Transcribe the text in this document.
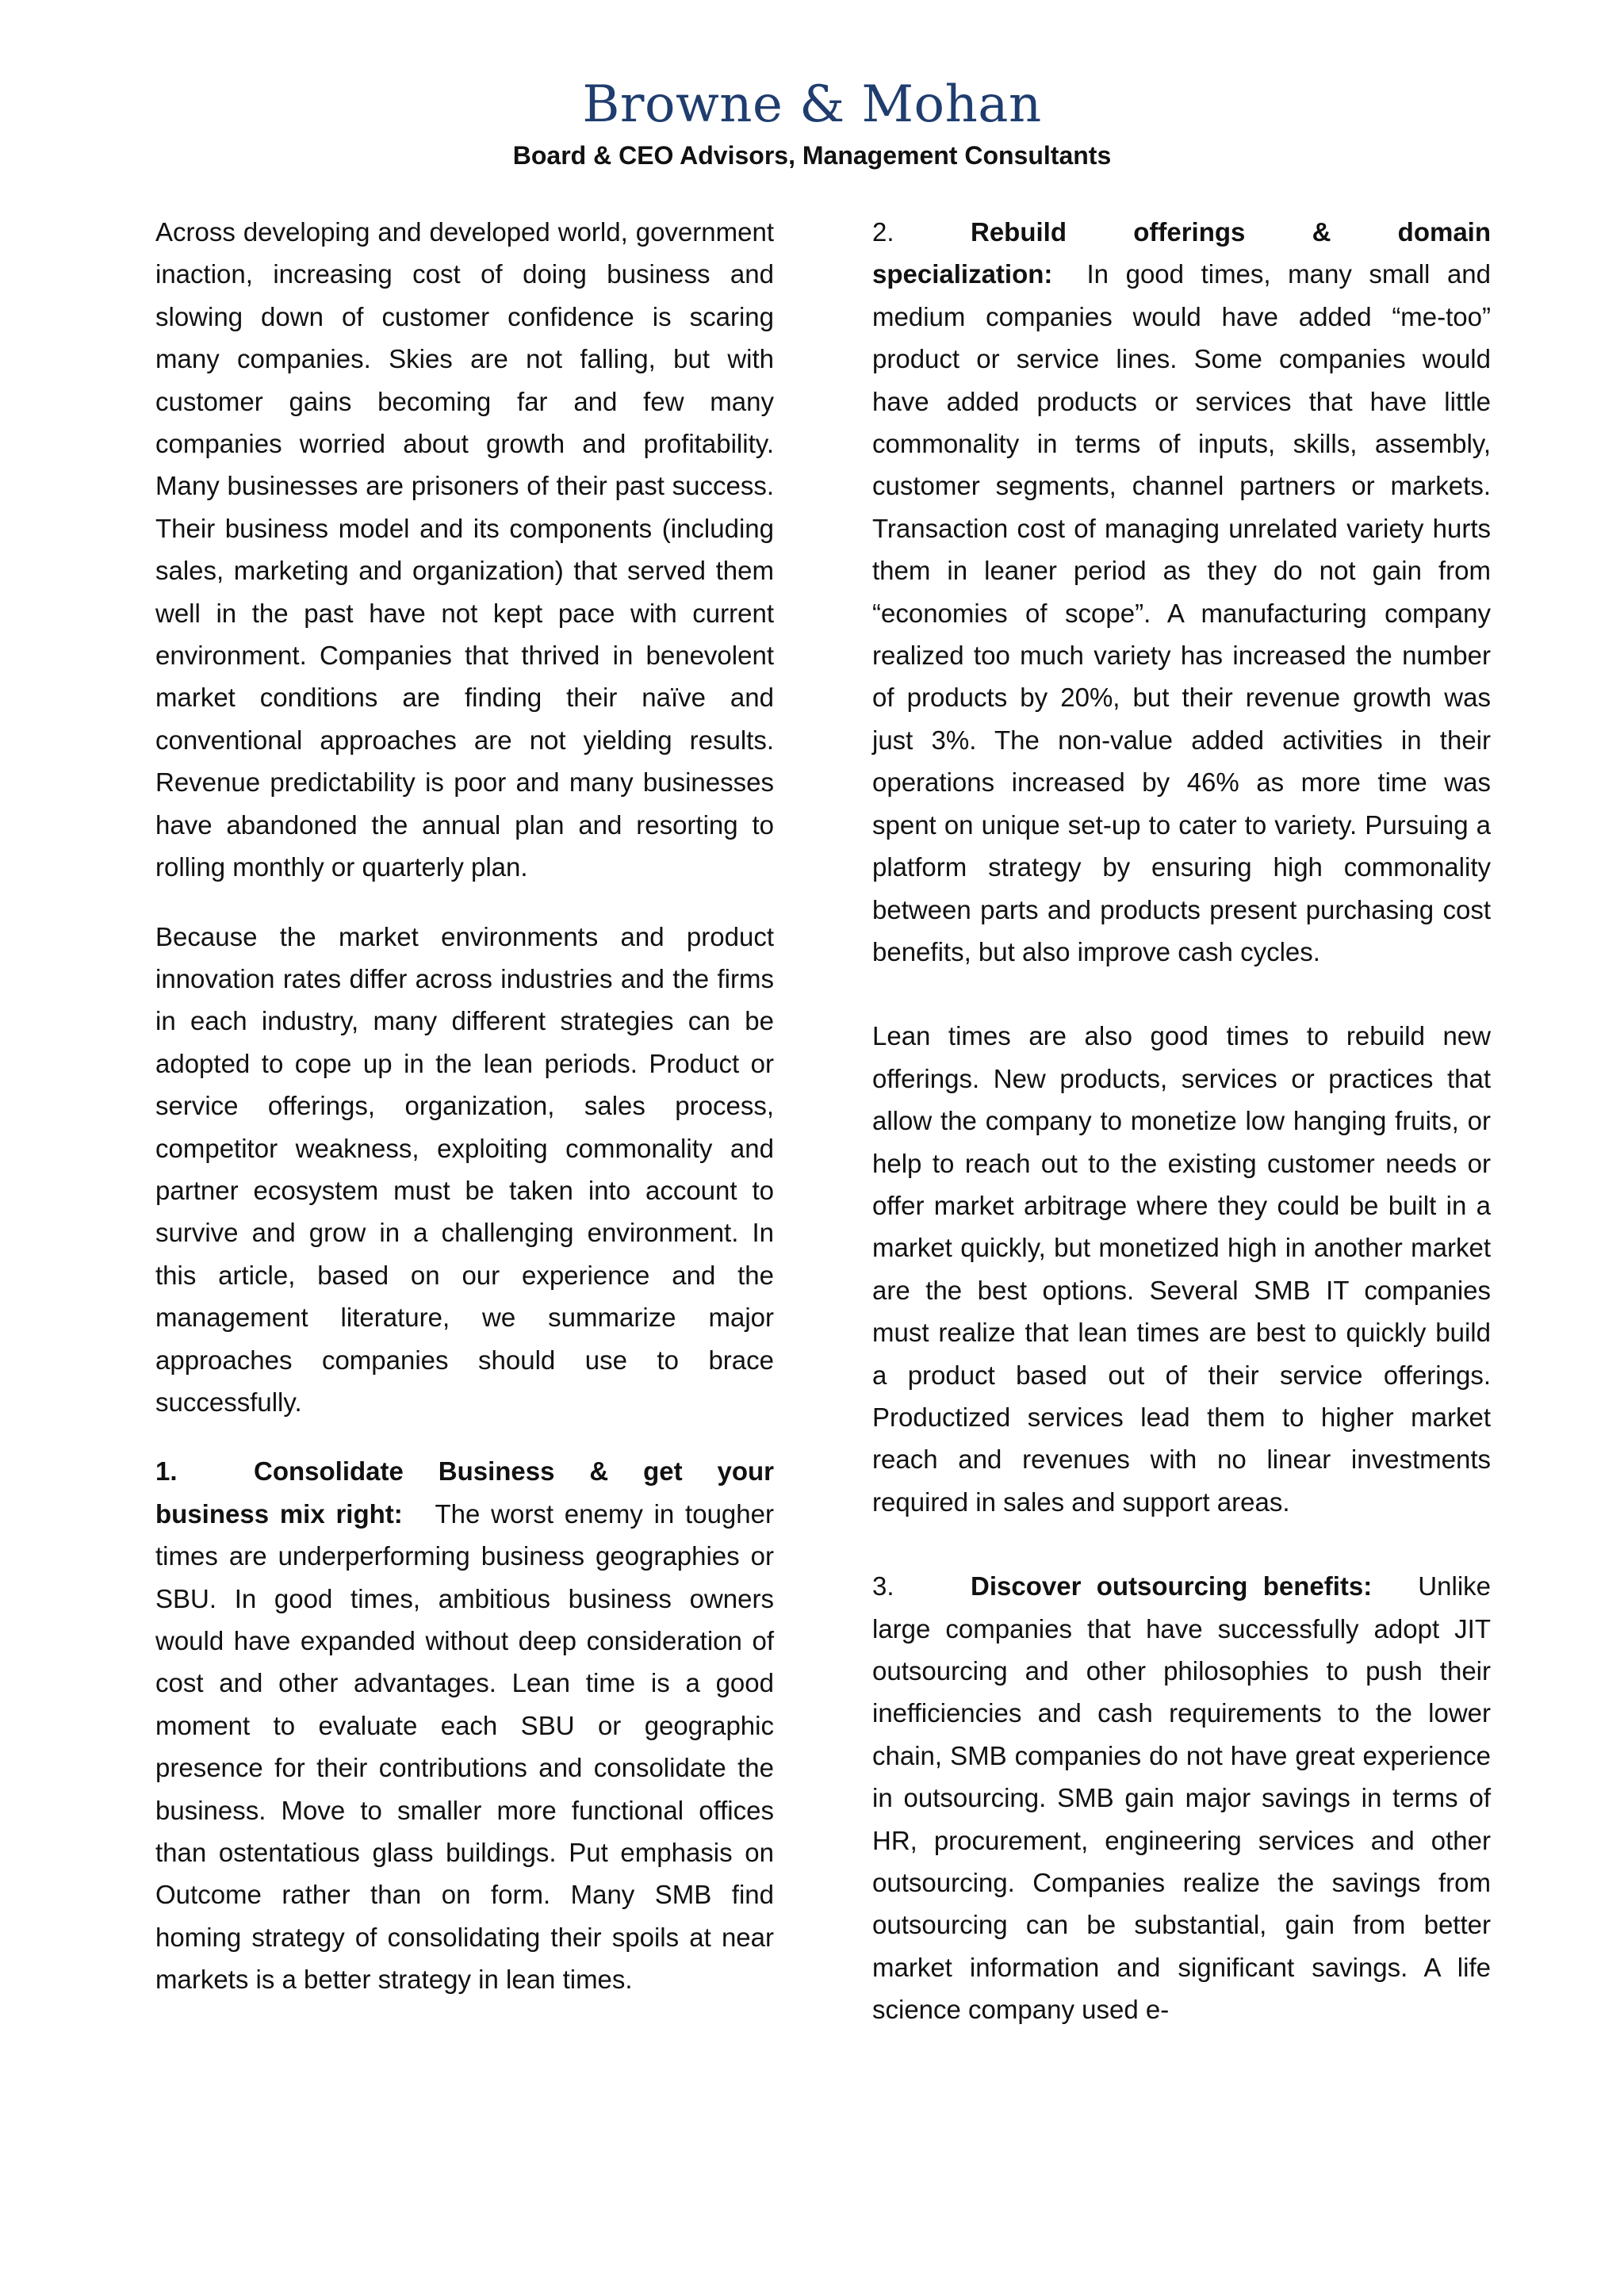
Browne & Mohan
Board & CEO Advisors, Management Consultants

Across developing and developed world, government inaction, increasing cost of doing business and slowing down of customer confidence is scaring many companies. Skies are not falling, but with customer gains becoming far and few many companies worried about growth and profitability. Many businesses are prisoners of their past success. Their business model and its components (including sales, marketing and organization) that served them well in the past have not kept pace with current environment. Companies that thrived in benevolent market conditions are finding their naïve and conventional approaches are not yielding results. Revenue predictability is poor and many businesses have abandoned the annual plan and resorting to rolling monthly or quarterly plan.

Because the market environments and product innovation rates differ across industries and the firms in each industry, many different strategies can be adopted to cope up in the lean periods. Product or service offerings, organization, sales process, competitor weakness, exploiting commonality and partner ecosystem must be taken into account to survive and grow in a challenging environment. In this article, based on our experience and the management literature, we summarize major approaches companies should use to brace successfully.

1.	Consolidate Business & get your business mix right: The worst enemy in tougher times are underperforming business geographies or SBU. In good times, ambitious business owners would have expanded without deep consideration of cost and other advantages. Lean time is a good moment to evaluate each SBU or geographic presence for their contributions and consolidate the business. Move to smaller more functional offices than ostentatious glass buildings. Put emphasis on Outcome rather than on form. Many SMB find homing strategy of consolidating their spoils at near markets is a better strategy in lean times.

2.	Rebuild offerings & domain specialization: In good times, many small and medium companies would have added “me-too” product or service lines. Some companies would have added products or services that have little commonality in terms of inputs, skills, assembly, customer segments, channel partners or markets. Transaction cost of managing unrelated variety hurts them in leaner period as they do not gain from “economies of scope”. A manufacturing company realized too much variety has increased the number of products by 20%, but their revenue growth was just 3%. The non-value added activities in their operations increased by 46% as more time was spent on unique set-up to cater to variety. Pursuing a platform strategy by ensuring high commonality between parts and products present purchasing cost benefits, but also improve cash cycles.

Lean times are also good times to rebuild new offerings. New products, services or practices that allow the company to monetize low hanging fruits, or help to reach out to the existing customer needs or offer market arbitrage where they could be built in a market quickly, but monetized high in another market are the best options. Several SMB IT companies must realize that lean times are best to quickly build a product based out of their service offerings. Productized services lead them to higher market reach and revenues with no linear investments required in sales and support areas.

3.	Discover outsourcing benefits: Unlike large companies that have successfully adopt JIT outsourcing and other philosophies to push their inefficiencies and cash requirements to the lower chain, SMB companies do not have great experience in outsourcing. SMB gain major savings in terms of HR, procurement, engineering services and other outsourcing. Companies realize the savings from outsourcing can be substantial, gain from better market information and significant savings. A life science company used e-
